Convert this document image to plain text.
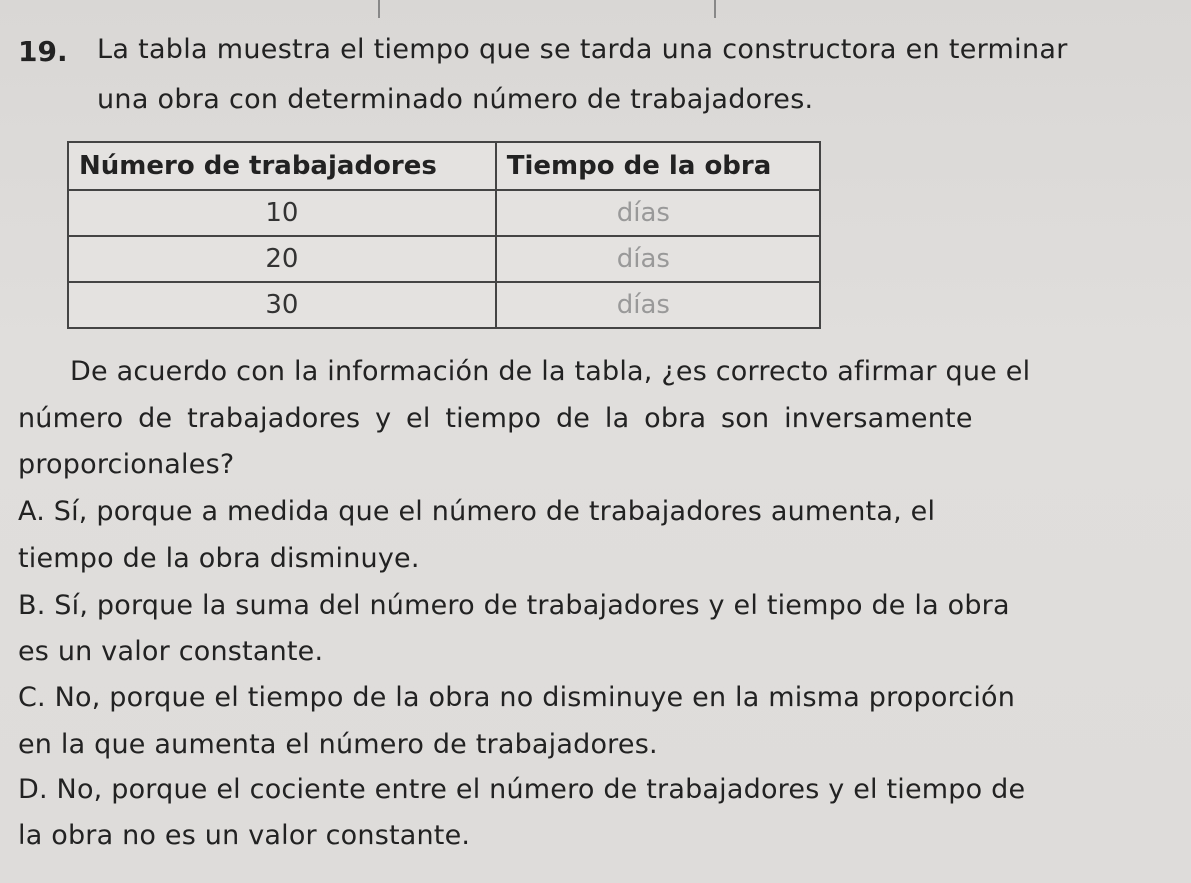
19. La tabla muestra el tiempo que se tarda una constructora en terminar
una obra con determinado número de trabajadores.
Número de trabajadores	Tiempo de la obra
10	días
20	días
30	días
De acuerdo con la información de la tabla, ¿es correcto afirmar que el
número de trabajadores y el tiempo de la obra son inversamente
proporcionales?
A. Sí, porque a medida que el número de trabajadores aumenta, el
tiempo de la obra disminuye.
B. Sí, porque la suma del número de trabajadores y el tiempo de la obra
es un valor constante.
C. No, porque el tiempo de la obra no disminuye en la misma proporción
en la que aumenta el número de trabajadores.
D. No, porque el cociente entre el número de trabajadores y el tiempo de
la obra no es un valor constante.
